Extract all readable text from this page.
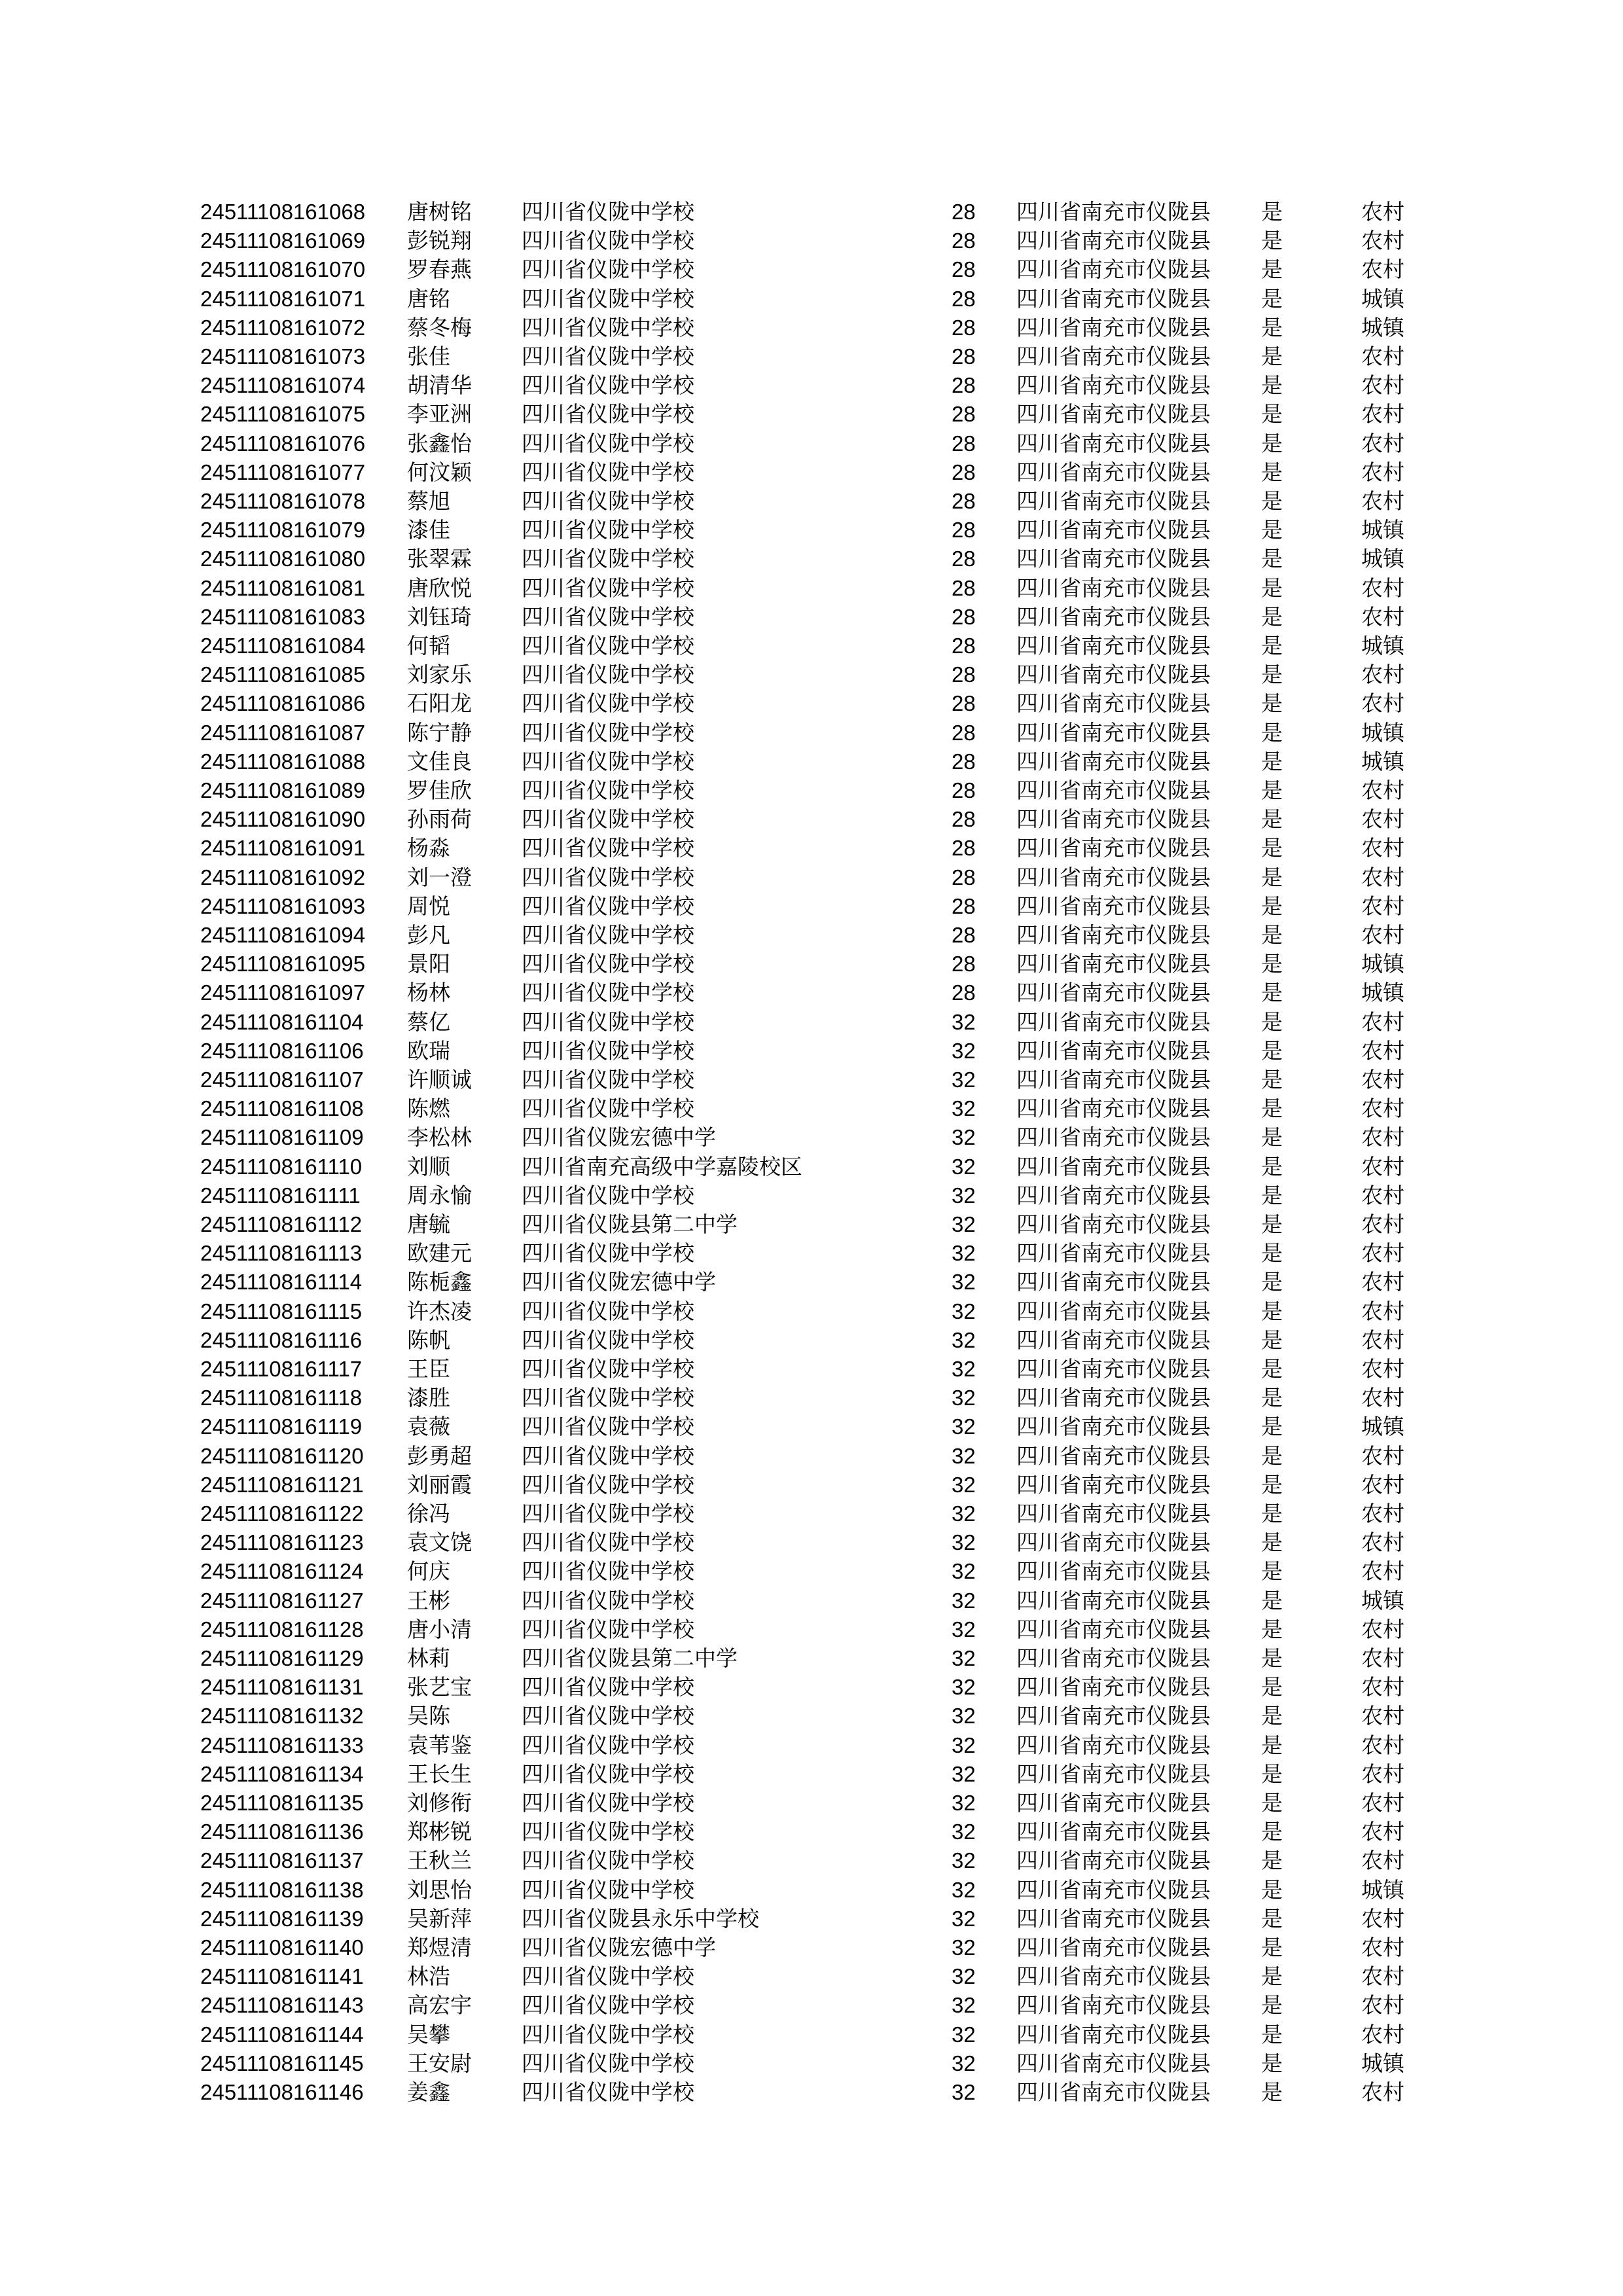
24511108161068 唐树铭 四川省仪陇中学校	28 四川省南充市仪陇县 是	农村
24511108161069 彭锐翔 四川省仪陇中学校	28 四川省南充市仪陇县 是	农村
24511108161070 罗春燕 四川省仪陇中学校	28 四川省南充市仪陇县 是	农村
24511108161071 唐铭	四川省仪陇中学校	28 四川省南充市仪陇县 是	城镇
24511108161072 蔡冬梅 四川省仪陇中学校	28 四川省南充市仪陇县 是	城镇
24511108161073 张佳	四川省仪陇中学校	28 四川省南充市仪陇县 是	农村
24511108161074 胡清华 四川省仪陇中学校	28 四川省南充市仪陇县 是	农村
24511108161075 李亚洲 四川省仪陇中学校	28 四川省南充市仪陇县 是	农村
24511108161076 张鑫怡 四川省仪陇中学校	28 四川省南充市仪陇县 是	农村
24511108161077 何汶颖 四川省仪陇中学校	28 四川省南充市仪陇县 是	农村
24511108161078 蔡旭	四川省仪陇中学校	28 四川省南充市仪陇县 是	农村
24511108161079 漆佳	四川省仪陇中学校	28 四川省南充市仪陇县 是	城镇
24511108161080 张翠霖 四川省仪陇中学校	28 四川省南充市仪陇县 是	城镇
24511108161081 唐欣悦 四川省仪陇中学校	28 四川省南充市仪陇县 是	农村
24511108161083 刘钰琦 四川省仪陇中学校	28 四川省南充市仪陇县 是	农村
24511108161084 何韬	四川省仪陇中学校	28 四川省南充市仪陇县 是	城镇
24511108161085 刘家乐 四川省仪陇中学校	28 四川省南充市仪陇县 是	农村
24511108161086 石阳龙 四川省仪陇中学校	28 四川省南充市仪陇县 是	农村
24511108161087 陈宁静 四川省仪陇中学校	28 四川省南充市仪陇县 是	城镇
24511108161088 文佳良 四川省仪陇中学校	28 四川省南充市仪陇县 是	城镇
24511108161089 罗佳欣 四川省仪陇中学校	28 四川省南充市仪陇县 是	农村
24511108161090 孙雨荷 四川省仪陇中学校	28 四川省南充市仪陇县 是	农村
24511108161091 杨淼	四川省仪陇中学校	28 四川省南充市仪陇县 是	农村
24511108161092 刘一澄 四川省仪陇中学校	28 四川省南充市仪陇县 是	农村
24511108161093 周悦	四川省仪陇中学校	28 四川省南充市仪陇县 是	农村
24511108161094 彭凡	四川省仪陇中学校	28 四川省南充市仪陇县 是	农村
24511108161095 景阳	四川省仪陇中学校	28 四川省南充市仪陇县 是	城镇
24511108161097 杨林	四川省仪陇中学校	28 四川省南充市仪陇县 是	城镇
24511108161104 蔡亿	四川省仪陇中学校	32 四川省南充市仪陇县 是	农村
24511108161106 欧瑞	四川省仪陇中学校	32 四川省南充市仪陇县 是	农村
24511108161107 许顺诚 四川省仪陇中学校	32 四川省南充市仪陇县 是	农村
24511108161108 陈燃	四川省仪陇中学校	32 四川省南充市仪陇县 是	农村
24511108161109 李松林 四川省仪陇宏德中学	32 四川省南充市仪陇县 是	农村
24511108161110 刘顺	四川省南充高级中学嘉陵校区	32 四川省南充市仪陇县 是	农村
24511108161111 周永愉 四川省仪陇中学校	32 四川省南充市仪陇县 是	农村
24511108161112 唐毓	四川省仪陇县第二中学	32 四川省南充市仪陇县 是	农村
24511108161113 欧建元 四川省仪陇中学校	32 四川省南充市仪陇县 是	农村
24511108161114 陈栀鑫 四川省仪陇宏德中学	32 四川省南充市仪陇县 是	农村
24511108161115 许杰凌 四川省仪陇中学校	32 四川省南充市仪陇县 是	农村
24511108161116 陈帆	四川省仪陇中学校	32 四川省南充市仪陇县 是	农村
24511108161117 王臣	四川省仪陇中学校	32 四川省南充市仪陇县 是	农村
24511108161118 漆胜	四川省仪陇中学校	32 四川省南充市仪陇县 是	农村
24511108161119 袁薇	四川省仪陇中学校	32 四川省南充市仪陇县 是	城镇
24511108161120 彭勇超 四川省仪陇中学校	32 四川省南充市仪陇县 是	农村
24511108161121 刘丽霞 四川省仪陇中学校	32 四川省南充市仪陇县 是	农村
24511108161122 徐冯	四川省仪陇中学校	32 四川省南充市仪陇县 是	农村
24511108161123 袁文饶 四川省仪陇中学校	32 四川省南充市仪陇县 是	农村
24511108161124 何庆	四川省仪陇中学校	32 四川省南充市仪陇县 是	农村
24511108161127 王彬	四川省仪陇中学校	32 四川省南充市仪陇县 是	城镇
24511108161128 唐小清 四川省仪陇中学校	32 四川省南充市仪陇县 是	农村
24511108161129 林莉	四川省仪陇县第二中学	32 四川省南充市仪陇县 是	农村
24511108161131 张艺宝 四川省仪陇中学校	32 四川省南充市仪陇县 是	农村
24511108161132 吴陈	四川省仪陇中学校	32 四川省南充市仪陇县 是	农村
24511108161133 袁苇鉴 四川省仪陇中学校	32 四川省南充市仪陇县 是	农村
24511108161134 王长生 四川省仪陇中学校	32 四川省南充市仪陇县 是	农村
24511108161135 刘修衔 四川省仪陇中学校	32 四川省南充市仪陇县 是	农村
24511108161136 郑彬锐 四川省仪陇中学校	32 四川省南充市仪陇县 是	农村
24511108161137 王秋兰 四川省仪陇中学校	32 四川省南充市仪陇县 是	农村
24511108161138 刘思怡 四川省仪陇中学校	32 四川省南充市仪陇县 是	城镇
24511108161139 吴新萍 四川省仪陇县永乐中学校	32 四川省南充市仪陇县 是	农村
24511108161140 郑煜清 四川省仪陇宏德中学	32 四川省南充市仪陇县 是	农村
24511108161141 林浩	四川省仪陇中学校	32 四川省南充市仪陇县 是	农村
24511108161143 高宏宇 四川省仪陇中学校	32 四川省南充市仪陇县 是	农村
24511108161144 吴攀	四川省仪陇中学校	32 四川省南充市仪陇县 是	农村
24511108161145 王安尉 四川省仪陇中学校	32 四川省南充市仪陇县 是	城镇
24511108161146 姜鑫	四川省仪陇中学校	32 四川省南充市仪陇县 是	农村
